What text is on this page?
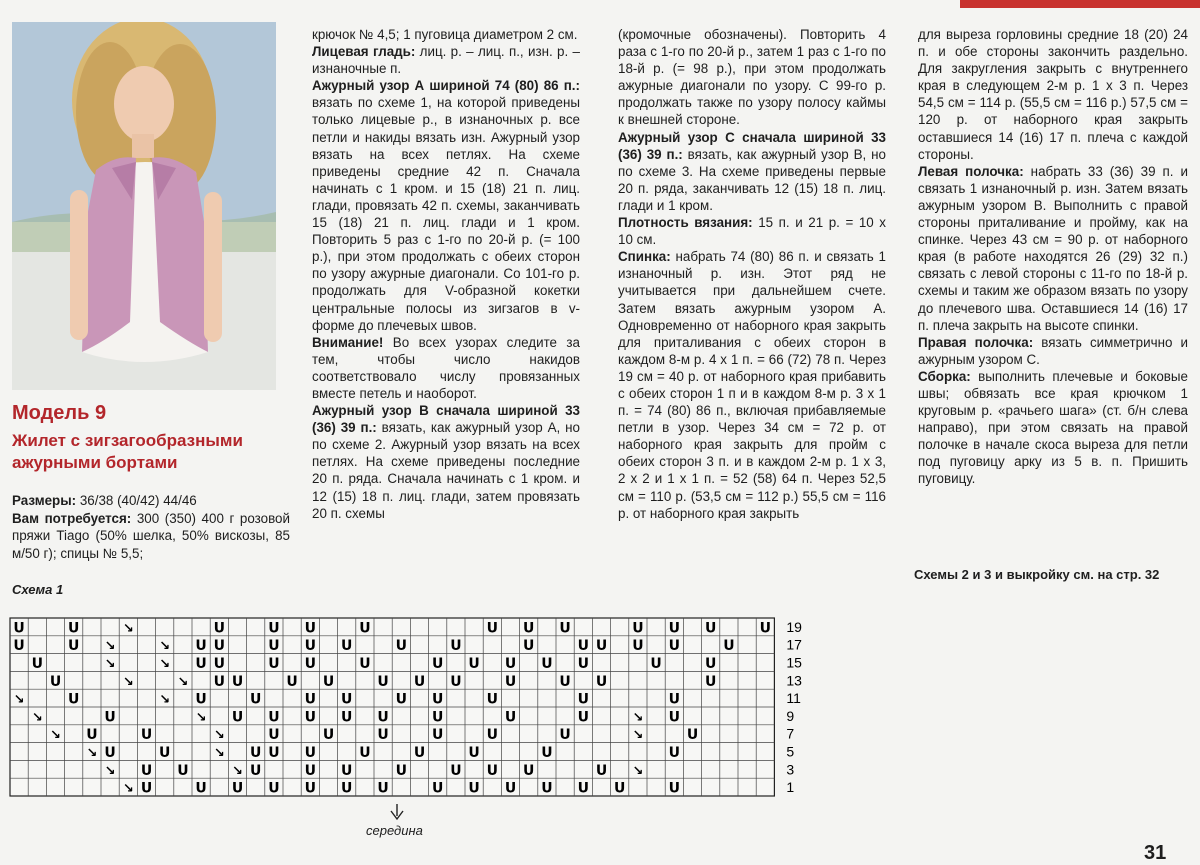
Модель 9
Жилет с зигзагообразными ажурными бортами
Размеры: 36/38 (40/42) 44/46
Вам потребуется: 300 (350) 400 г розовой пряжи Tiago (50% шелка, 50% вискозы, 85 м/50 г); спицы № 5,5;

крючок № 4,5; 1 пуговица диаметром 2 см.

Лицевая гладь: лиц. р. – лиц. п., изн. р. – изнаночные п.

Ажурный узор А шириной 74 (80) 86 п.: вязать по схеме 1, на которой приведены только лицевые р., в изнаночных р. все петли и накиды вязать изн. Ажурный узор вязать на всех петлях. На схеме приведены средние 42 п. Сначала начинать с 1 кром. и 15 (18) 21 п. лиц. глади, провязать 42 п. схемы, заканчивать 15 (18) 21 п. лиц. глади и 1 кром. Повторить 5 раз с 1-го по 20-й р. (= 100 р.), при этом продолжать с обеих сторон по узору ажурные диагонали. Со 101-го р. продолжать для V-образной кокетки центральные полосы из зигзагов в v-форме до плечевых швов.

Внимание! Во всех узорах следите за тем, чтобы число накидов соответствовало числу провязанных вместе петель и наоборот.

Ажурный узор В сначала шириной 33 (36) 39 п.: вязать, как ажурный узор А, но по схеме 2. Ажурный узор вязать на всех петлях. На схеме приведены последние 20 п. ряда. Сначала начинать с 1 кром. и 12 (15) 18 п. лиц. глади, затем провязать 20 п. схемы

(кромочные обозначены). Повторить 4 раза с 1-го по 20-й р., затем 1 раз с 1-го по 18-й р. (= 98 р.), при этом продолжать ажурные диагонали по узору. С 99-го р. продолжать также по узору полосу каймы к внешней стороне.

Ажурный узор С сначала шириной 33 (36) 39 п.: вязать, как ажурный узор В, но по схеме 3. На схеме приведены первые 20 п. ряда, заканчивать 12 (15) 18 п. лиц. глади и 1 кром.

Плотность вязания: 15 п. и 21 р. = 10 х 10 см.

Спинка: набрать 74 (80) 86 п. и связать 1 изнаночный р. изн. Этот ряд не учитывается при дальнейшем счете. Затем вязать ажурным узором А. Одновременно от наборного края закрыть для приталивания с обеих сторон в каждом 8-м р. 4 х 1 п. = 66 (72) 78 п. Через 19 см = 40 р. от наборного края прибавить с обеих сторон 1 п и в каждом 8-м р. 3 х 1 п. = 74 (80) 86 п., включая прибавляемые петли в узор. Через 34 см = 72 р. от наборного края закрыть для пройм с обеих сторон 3 п. и в каждом 2-м р. 1 х 3, 2 х 2 и 1 х 1 п. = 52 (58) 64 п. Через 52,5 см = 110 р. (53,5 см = 112 р.) 55,5 см = 116 р. от наборного края закрыть

для выреза горловины средние 18 (20) 24 п. и обе стороны закончить раздельно. Для закругления закрыть с внутреннего края в следующем 2-м р. 1 х 3 п. Через 54,5 см = 114 р. (55,5 см = 116 р.) 57,5 см = 120 р. от наборного края закрыть оставшиеся 14 (16) 17 п. плеча с каждой стороны.

Левая полочка: набрать 33 (36) 39 п. и связать 1 изнаночный р. изн. Затем вязать ажурным узором В. Выполнить с правой стороны приталивание и пройму, как на спинке. Через 43 см = 90 р. от наборного края (в работе находятся 26 (29) 32 п.) связать с левой стороны с 11-го по 18-й р. схемы и таким же образом вязать по узору до плечевого шва. Оставшиеся 14 (16) 17 п. плеча закрыть на высоте спинки.

Правая полочка: вязать симметрично и ажурным узором С.

Сборка: выполнить плечевые и боковые швы; обвязать все края крючком 1 круговым р. «рачьего шага» (ст. б/н слева направо), при этом связать на правой полочке в начале скоса выреза для петли под пуговицу арку из 5 в. п. Пришить пуговицу.

Схемы 2 и 3 и выкройку см. на стр. 32
Схема 1
U	U	↘	U	U U	U	U U U	U U U	U
U	U ↘	↘ U U	U U U	U	U	U	U U U U	U
U	↘	↘ U U	U U	U	U U U U U	U	U
U	↘	↘ U U	U U	U U U	U	U U	U
↘	U	↘ U	U	U U	U U	U	U	U
↘	U	↘ U U U U U	U	U	U	↘ U
↘ U	U	↘	U	U	U	U	U	U	↘	U
↘ U	U	↘ U U U	U	U	U	U	U
↘ U U	↘ U	U U	U	U U U	U ↘
↘ U	U U U U U U	U U U U U U	U
19
17
15
13
11
9
7
5
3
1
середина
31
